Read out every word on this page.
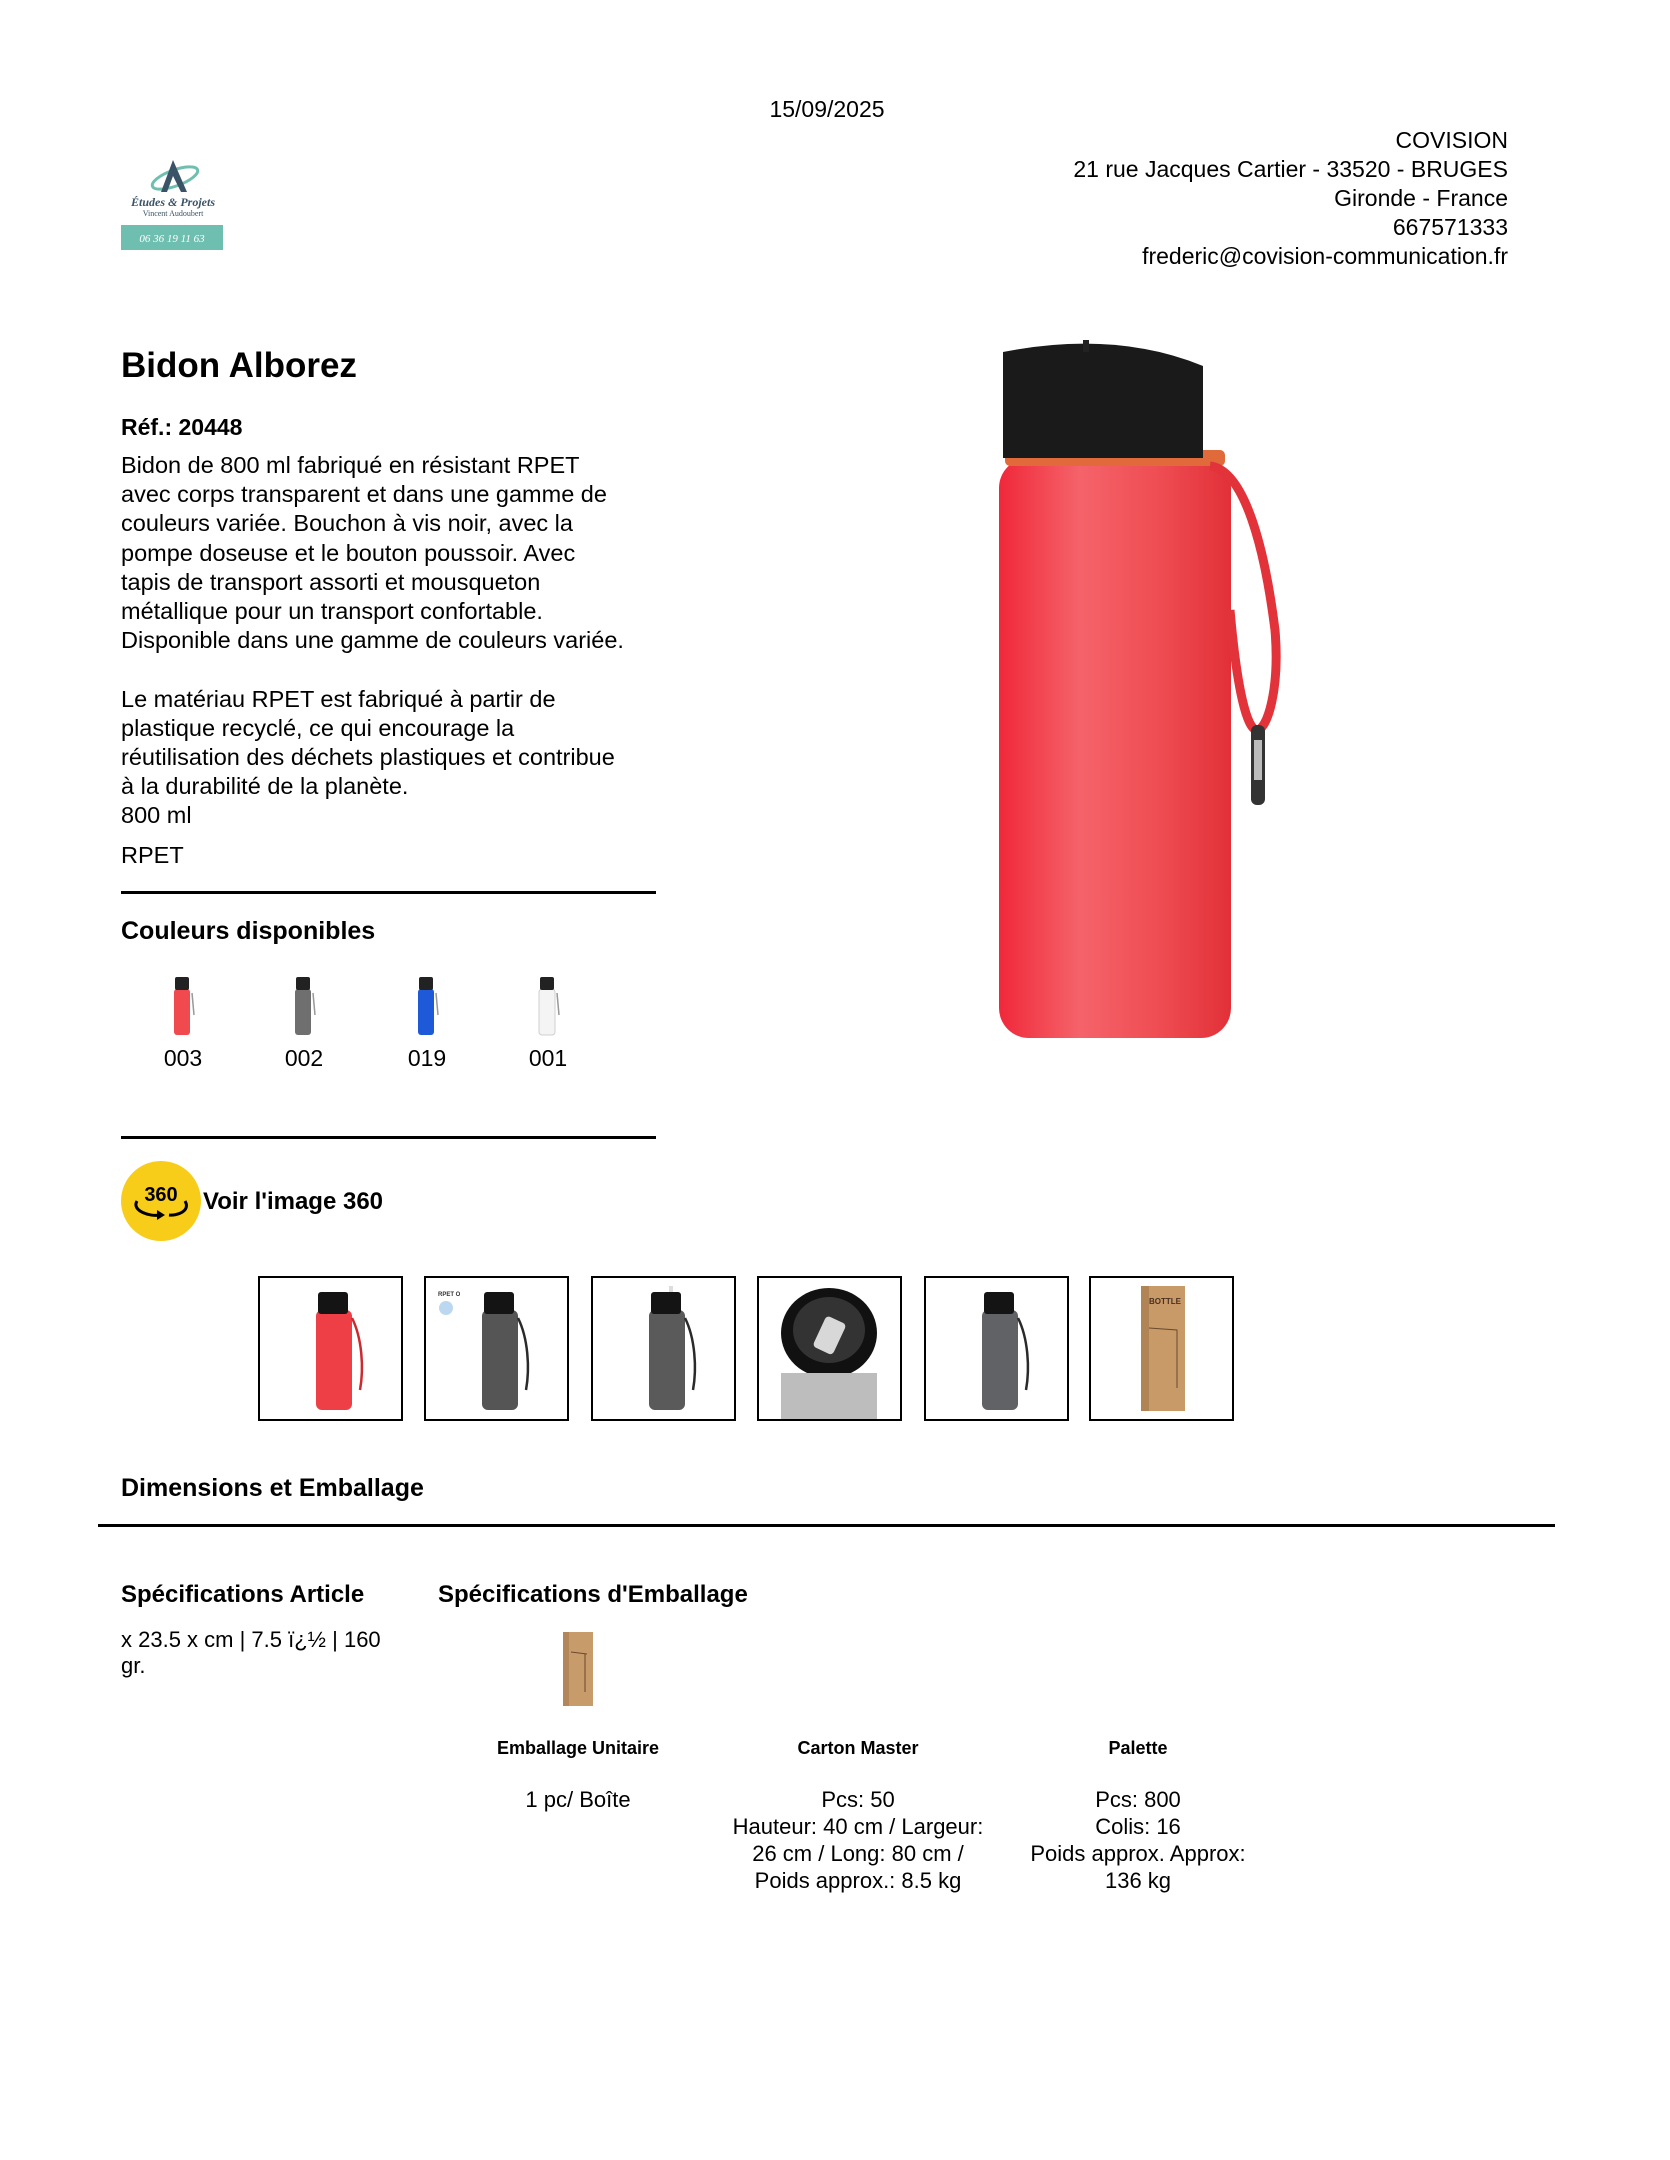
15/09/2025
Études & Projets
Vincent Audoubert
06 36 19 11 63
COVISION
21 rue Jacques Cartier - 33520 - BRUGES
Gironde - France
667571333
frederic@covision-communication.fr
Bidon Alborez
Réf.: 20448

Bidon de 800 ml fabriqué en résistant RPET

avec corps transparent et dans une gamme de

couleurs variée. Bouchon à vis noir, avec la

pompe doseuse et le bouton poussoir. Avec

tapis de transport assorti et mousqueton

métallique pour un transport confortable.

Disponible dans une gamme de couleurs variée.

Le matériau RPET est fabriqué à partir de

plastique recyclé, ce qui encourage la

réutilisation des déchets plastiques et contribue

à la durabilité de la planète.

800 ml

RPET
Couleurs disponibles
003	002	019	001
360 Voir l'image 360
RPET O
BOTTLE
Dimensions et Emballage
Spécifications Article
x 23.5 x cm | 7.5 ï¿½ | 160 gr.
Spécifications d'Emballage
Emballage Unitaire
1 pc/ Boîte
Carton Master
Pcs: 50
Hauteur: 40 cm / Largeur:
26 cm / Long: 80 cm /
Poids approx.: 8.5 kg
Palette
Pcs: 800
Colis: 16
Poids approx. Approx:
136 kg
